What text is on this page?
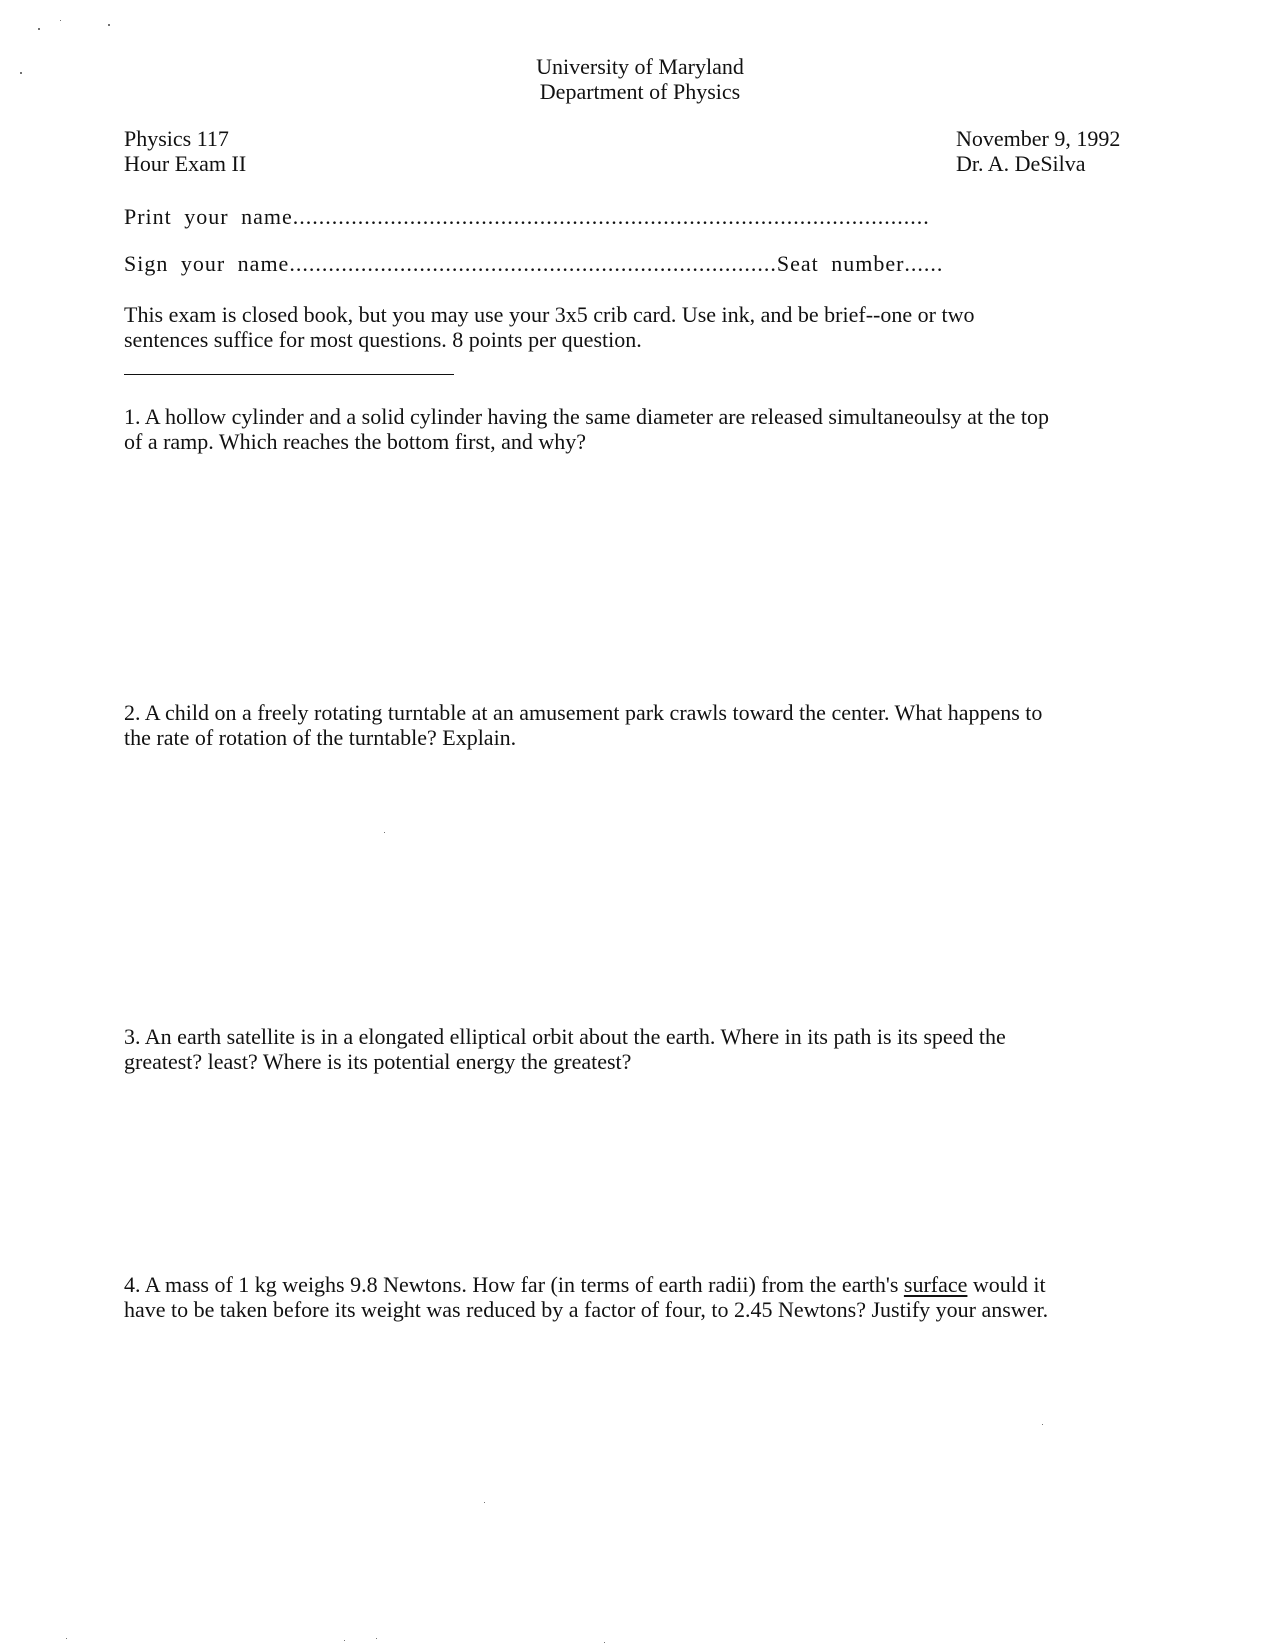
University of Maryland
Department of Physics
Physics 117
Hour Exam II
November 9, 1992
Dr. A. DeSilva
Print your name..................................................................................................
Sign your name...........................................................................Seat number......
This exam is closed book, but you may use your 3x5 crib card. Use ink, and be brief--one or two
sentences suffice for most questions. 8 points per question.
1. A hollow cylinder and a solid cylinder having the same diameter are released simultaneoulsy at the top
of a ramp. Which reaches the bottom first, and why?
2. A child on a freely rotating turntable at an amusement park crawls toward the center. What happens to
the rate of rotation of the turntable? Explain.
3. An earth satellite is in a elongated elliptical orbit about the earth. Where in its path is its speed the
greatest? least? Where is its potential energy the greatest?
4. A mass of 1 kg weighs 9.8 Newtons. How far (in terms of earth radii) from the earth's surface would it
have to be taken before its weight was reduced by a factor of four, to 2.45 Newtons? Justify your answer.
